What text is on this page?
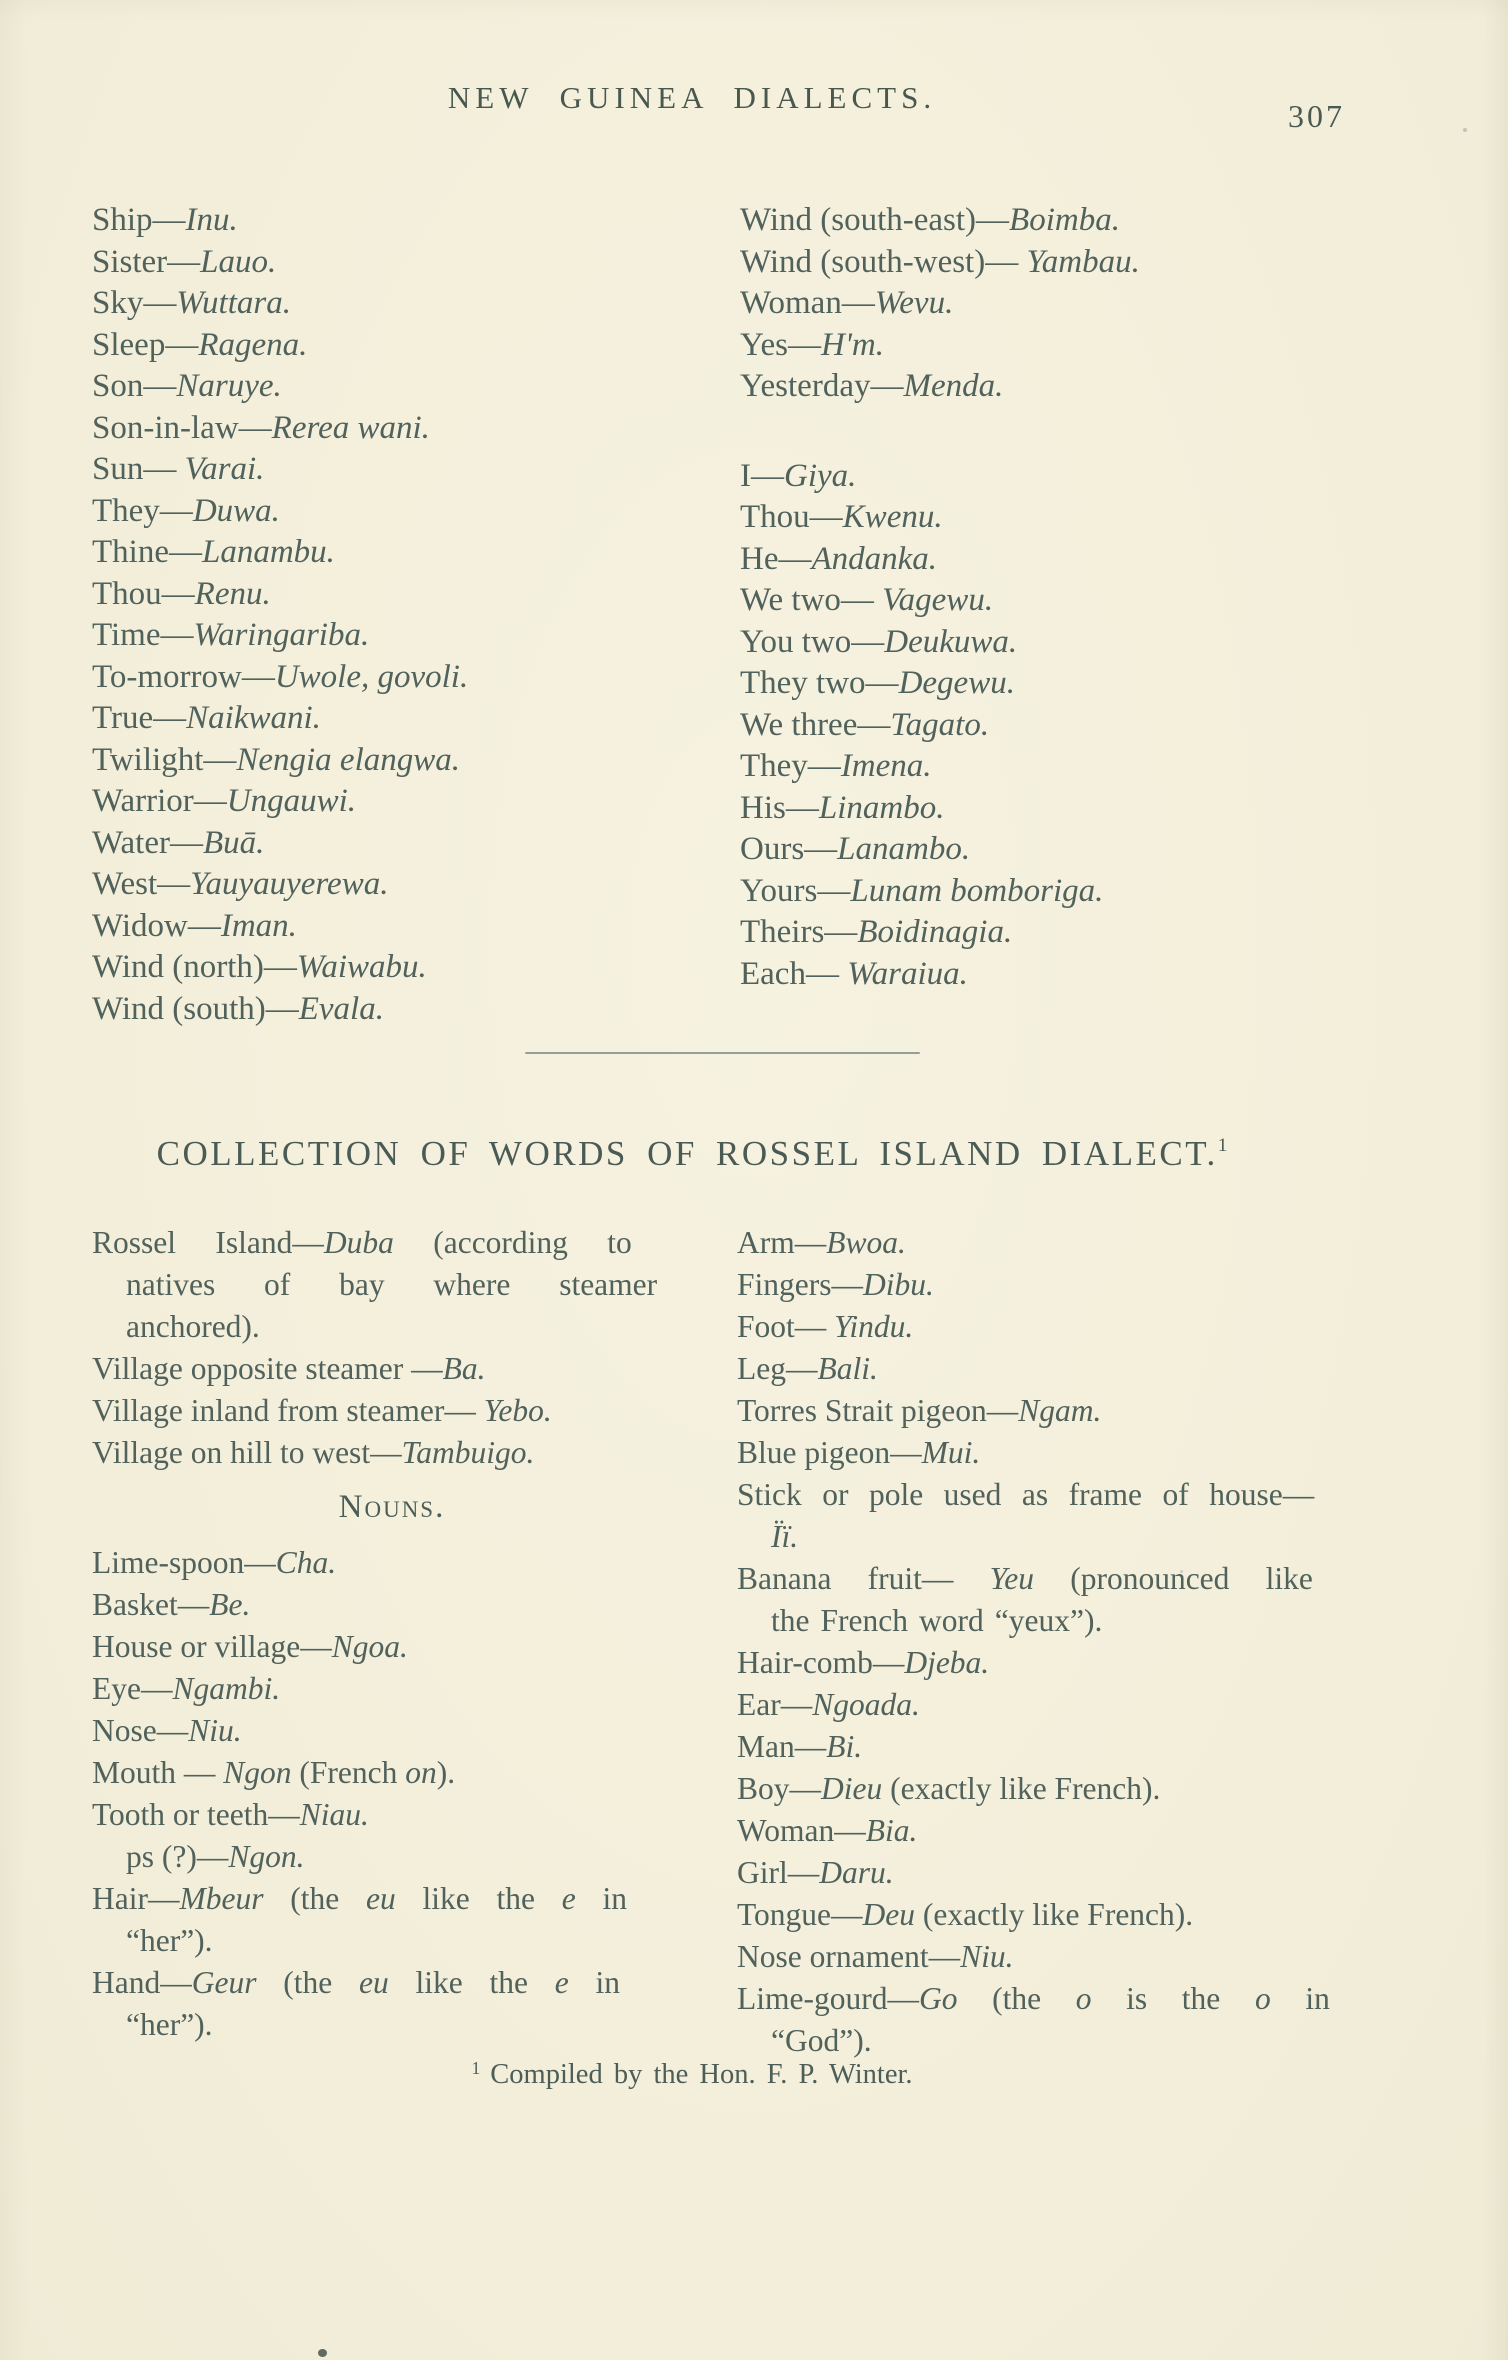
NEW GUINEA DIALECTS.
307
Ship—Inu.
Sister—Lauo.
Sky—Wuttara.
Sleep—Ragena.
Son—Naruye.
Son-in-law—Rerea wani.
Sun— Varai.
They—Duwa.
Thine—Lanambu.
Thou—Renu.
Time—Waringariba.
To-morrow—Uwole, govoli.
True—Naikwani.
Twilight—Nengia elangwa.
Warrior—Ungauwi.
Water—Buā.
West—Yauyauyerewa.
Widow—Iman.
Wind (north)—Waiwabu.
Wind (south)—Evala.
Wind (south-east)—Boimba.
Wind (south-west)— Yambau.
Woman—Wevu.
Yes—H'm.
Yesterday—Menda.
I—Giya.
Thou—Kwenu.
He—Andanka.
We two— Vagewu.
You two—Deukuwa.
They two—Degewu.
We three—Tagato.
They—Imena.
His—Linambo.
Ours—Lanambo.
Yours—Lunam bomboriga.
Theirs—Boidinagia.
Each— Waraiua.
COLLECTION OF WORDS OF ROSSEL ISLAND DIALECT.$^1$
Rossel Island—Duba (according to
natives of bay where steamer
anchored).
Village opposite steamer —Ba.
Village inland from steamer— Yebo.
Village on hill to west—Tambuigo.
Nouns.
Lime-spoon—Cha.
Basket—Be.
House or village—Ngoa.
Eye—Ngambi.
Nose—Niu.
Mouth — Ngon (French on).
Tooth or teeth—Niau.
ps (?)—Ngon.
Hair—Mbeur (the eu like the e in
“her”).
Hand—Geur (the eu like the e in
“her”).
Arm—Bwoa.
Fingers—Dibu.
Foot— Yindu.
Leg—Bali.
Torres Strait pigeon—Ngam.
Blue pigeon—Mui.
Stick or pole used as frame of house—
Ïï.
Banana fruit— Yeu (pronounced like
the French word “yeux”).
Hair-comb—Djeba.
Ear—Ngoada.
Man—Bi.
Boy—Dieu (exactly like French).
Woman—Bia.
Girl—Daru.
Tongue—Deu (exactly like French).
Nose ornament—Niu.
Lime-gourd—Go (the o is the o in
“God”).
$^1$ Compiled by the Hon. F. P. Winter.
